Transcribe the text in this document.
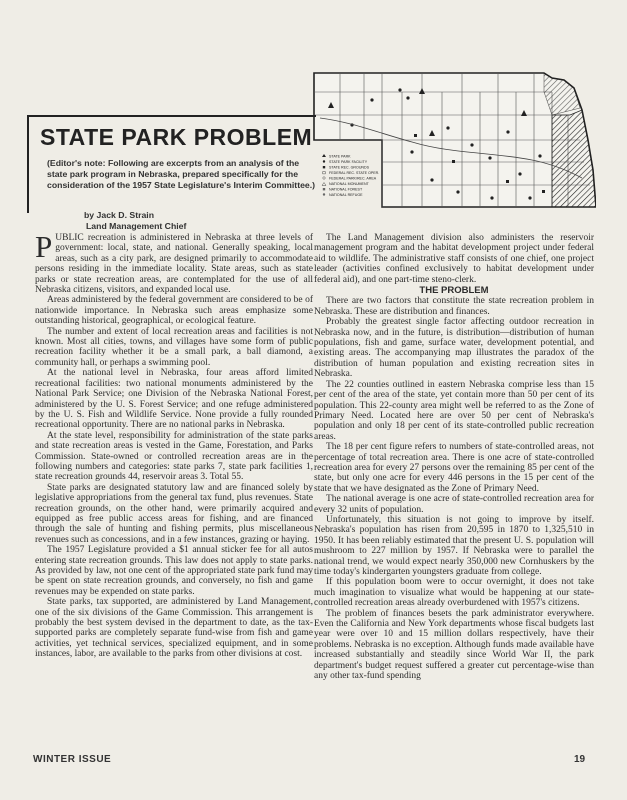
STATE PARK
STATE PARK FACILITY
STATE REC. GROUNDS
FEDERAL REC. STATE OPER.
FEDERAL PARK/REC. AREA
NATIONAL MONUMENT
NATIONAL FOREST
NATIONAL REFUGE
STATE PARK PROBLEM
(Editor's note: Following are excerpts from an analysis of the state park program in Nebraska, prepared specifically for the consideration of the 1957 State Legislature's Interim Committee.)
by Jack D. Strain
Land Management Chief

PUBLIC recreation is administered in Nebraska at three levels of government: local, state, and national. Generally speaking, local areas, such as a city park, are designed primarily to accommodate persons residing in the immediate locality. State areas, such as state parks or state recreation areas, are contemplated for the use of all Nebraska citizens, visitors, and expanded local use.

Areas administered by the federal government are considered to be of nationwide importance. In Nebraska such areas emphasize some outstanding historical, geographical, or ecological feature.

The number and extent of local recreation areas and facilities is not known. Most all cities, towns, and villages have some form of public recreation facility whether it be a small park, a ball diamond, a community hall, or perhaps a swimming pool.

At the national level in Nebraska, four areas afford limited recreational facilities: two national monuments administered by the National Park Service; one Division of the Nebraska National Forest, administered by the U. S. Forest Service; and one refuge administered by the U. S. Fish and Wildlife Service. None provide a fully rounded recreational opportunity. There are no national parks in Nebraska.

At the state level, responsibility for administration of the state parks and state recreation areas is vested in the Game, Forestation, and Parks Commission. State-owned or controlled recreation areas are in the following numbers and categories: state parks 7, state park facilities 1, state recreation grounds 44, reservoir areas 3. Total 55.

State parks are designated statutory law and are financed solely by legislative appropriations from the general tax fund, plus revenues. State recreation grounds, on the other hand, were primarily acquired and equipped as free public access areas for fishing, and are financed through the sale of hunting and fishing permits, plus miscellaneous revenues such as concessions, and in a few instances, grazing or haying.

The 1957 Legislature provided a $1 annual sticker fee for all autos entering state recreation grounds. This law does not apply to state parks. As provided by law, not one cent of the appropriated state park fund may be spent on state recreation grounds, and conversely, no fish and game revenues may be expended on state parks.

State parks, tax supported, are administered by Land Management, one of the six divisions of the Game Commission. This arrangement is probably the best system devised in the department to date, as the tax-supported parks are completely separate fund-wise from fish and game activities, yet technical services, specialized equipment, and in some instances, labor, are available to the parks from other divisions at cost.

The Land Management division also administers the reservoir management program and the habitat development project under federal aid to wildlife. The administrative staff consists of one chief, one project leader (activities confined exclusively to habitat development under federal aid), and one part-time steno-clerk.

THE PROBLEM

There are two factors that constitute the state recreation problem in Nebraska. These are distribution and finances.

Probably the greatest single factor affecting outdoor recreation in Nebraska now, and in the future, is distribution—distribution of human populations, fish and game, surface water, development potential, and existing areas. The accompanying map illustrates the paradox of the distribution of human population and existing recreation sites in Nebraska.

The 22 counties outlined in eastern Nebraska comprise less than 15 per cent of the area of the state, yet contain more than 50 per cent of its population. This 22-county area might well be referred to as the Zone of Primary Need. Located here are over 50 per cent of Nebraska's population and only 18 per cent of its state-controlled public recreation areas.

The 18 per cent figure refers to numbers of state-controlled areas, not percentage of total recreation area. There is one acre of state-controlled recreation area for every 27 persons over the remaining 85 per cent of the state, but only one acre for every 446 persons in the 15 per cent of the state that we have designated as the Zone of Primary Need.

The national average is one acre of state-controlled recreation area for every 32 units of population.

Unfortunately, this situation is not going to improve by itself. Nebraska's population has risen from 20,595 in 1870 to 1,325,510 in 1950. It has been reliably estimated that the present U. S. population will mushroom to 227 million by 1957. If Nebraska were to parallel the national trend, we would expect nearly 350,000 new Cornhuskers by the time today's kindergarten youngsters graduate from college.

If this population boom were to occur overnight, it does not take much imagination to visualize what would be happening at our state-controlled recreation areas already overburdened with 1957's citizens.

The problem of finances besets the park administrator everywhere. Even the California and New York departments whose fiscal budgets last year were over 10 and 15 million dollars respectively, have their problems. Nebraska is no exception. Although funds made available have increased substantially and steadily since World War II, the park department's budget request suffered a greater cut percentage-wise than any other tax-fund spending

WINTER ISSUE	19
